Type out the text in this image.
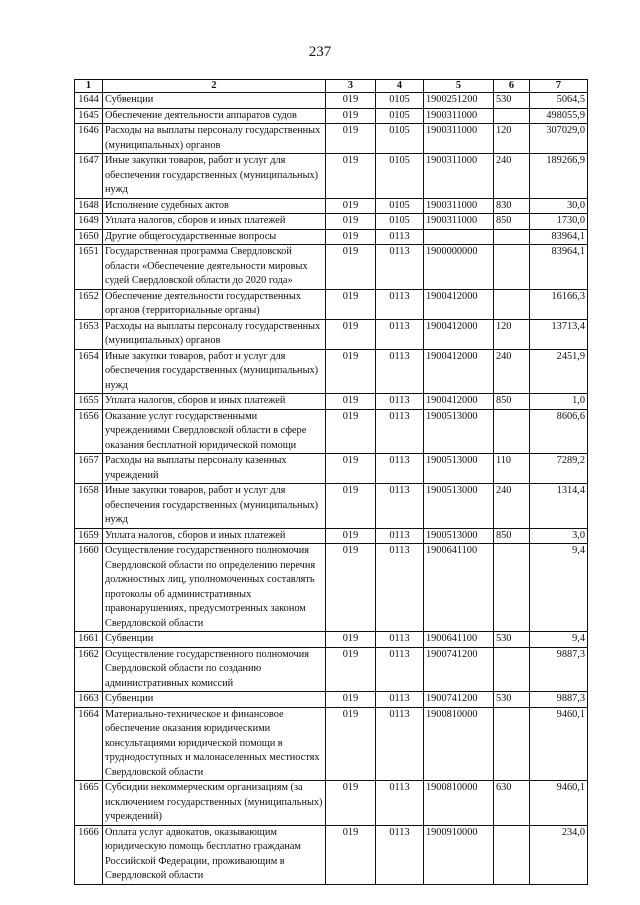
237
1	2	3	4	5	6	7
1644	Субвенции	019	0105	1900251200	530	5064,5
1645	Обеспечение деятельности аппаратов судов	019	0105	1900311000		498055,9
1646	Расходы на выплаты персоналу государственных (муниципальных) органов	019	0105	1900311000	120	307029,0
1647	Иные закупки товаров, работ и услуг для обеспечения государственных (муниципальных) нужд	019	0105	1900311000	240	189266,9
1648	Исполнение судебных актов	019	0105	1900311000	830	30,0
1649	Уплата налогов, сборов и иных платежей	019	0105	1900311000	850	1730,0
1650	Другие общегосударственные вопросы	019	0113			83964,1
1651	Государственная программа Свердловской области «Обеспечение деятельности мировых судей Свердловской области до 2020 года»	019	0113	1900000000		83964,1
1652	Обеспечение деятельности государственных органов (территориальные органы)	019	0113	1900412000		16166,3
1653	Расходы на выплаты персоналу государственных (муниципальных) органов	019	0113	1900412000	120	13713,4
1654	Иные закупки товаров, работ и услуг для обеспечения государственных (муниципальных) нужд	019	0113	1900412000	240	2451,9
1655	Уплата налогов, сборов и иных платежей	019	0113	1900412000	850	1,0
1656	Оказание услуг государственными учреждениями Свердловской области в сфере оказания бесплатной юридической помощи	019	0113	1900513000		8606,6
1657	Расходы на выплаты персоналу казенных учреждений	019	0113	1900513000	110	7289,2
1658	Иные закупки товаров, работ и услуг для обеспечения государственных (муниципальных) нужд	019	0113	1900513000	240	1314,4
1659	Уплата налогов, сборов и иных платежей	019	0113	1900513000	850	3,0
1660	Осуществление государственного полномочия Свердловской области по определению перечня должностных лиц, уполномоченных составлять протоколы об административных правонарушениях, предусмотренных законом Свердловской области	019	0113	1900641100		9,4
1661	Субвенции	019	0113	1900641100	530	9,4
1662	Осуществление государственного полномочия Свердловской области по созданию административных комиссий	019	0113	1900741200		9887,3
1663	Субвенции	019	0113	1900741200	530	9887,3
1664	Материально-техническое и финансовое обеспечение оказания юридическими консультациями юридической помощи в труднодоступных и малонаселенных местностях Свердловской области	019	0113	1900810000		9460,1
1665	Субсидии некоммерческим организациям (за исключением государственных (муниципальных) учреждений)	019	0113	1900810000	630	9460,1
1666	Оплата услуг адвокатов, оказывающим юридическую помощь бесплатно гражданам Российской Федерации, проживающим в Свердловской области	019	0113	1900910000		234,0
